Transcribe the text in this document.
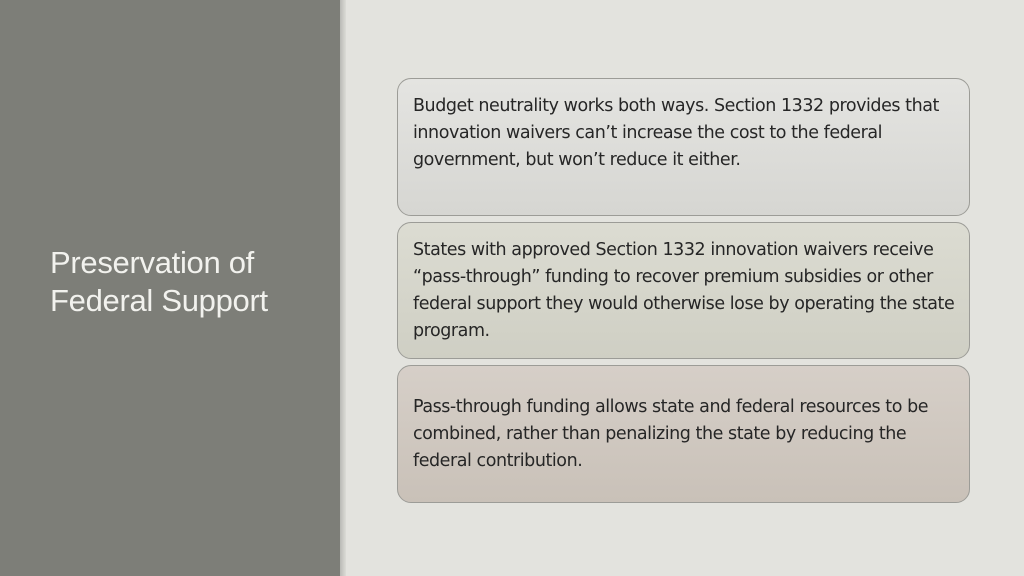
Preservation of Federal Support

Budget neutrality works both ways. Section 1332 provides that innovation waivers can’t increase the cost to the federal government, but won’t reduce it either.

States with approved Section 1332 innovation waivers receive “pass-through” funding to recover premium subsidies or other federal support they would otherwise lose by operating the state program.

Pass-through funding allows state and federal resources to be combined, rather than penalizing the state by reducing the federal contribution.
